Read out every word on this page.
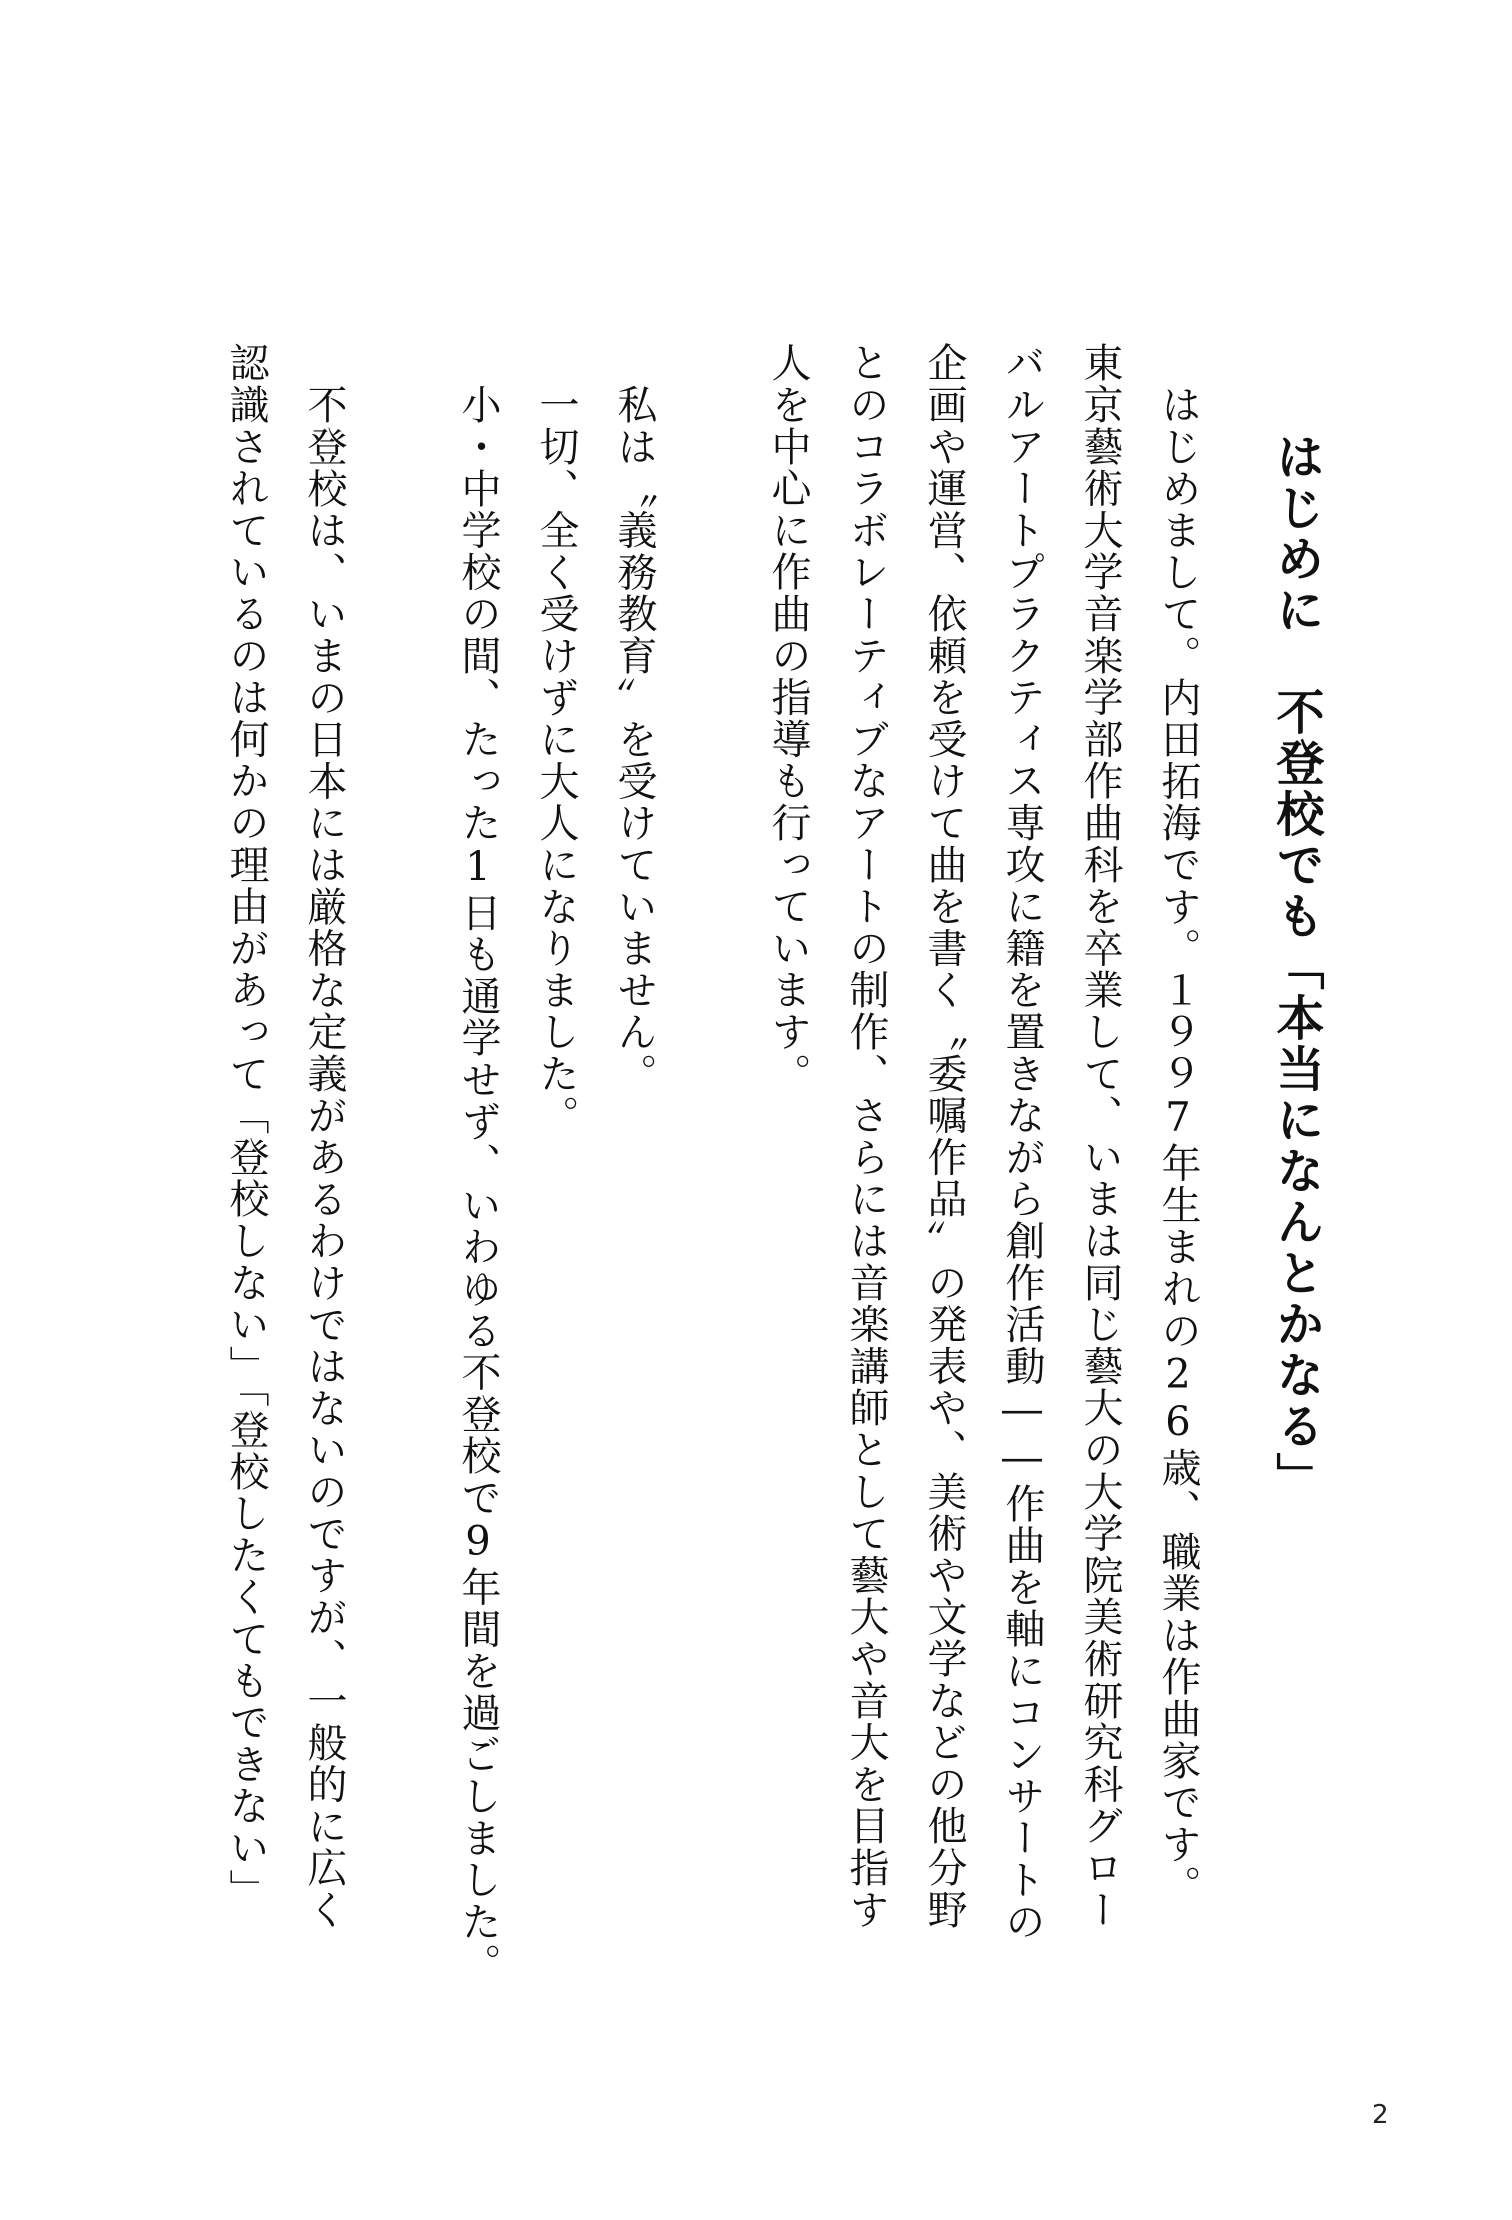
はじめに　不登校でも「本当になんとかなる」
はじめまして。内田拓海です。１９９7年生まれの26歳、職業は作曲家です。
東京藝術大学音楽学部作曲科を卒業して、いまは同じ藝大の大学院美術研究科グロー
バルアートプラクティス専攻に籍を置きながら創作活動――作曲を軸にコンサートの
企画や運営、依頼を受けて曲を書く〝委嘱作品〟の発表や、美術や文学などの他分野
とのコラボレーティブなアートの制作、さらには音楽講師として藝大や音大を目指す
人を中心に作曲の指導も行っています。
私は〝義務教育〟を受けていません。
一切、全く受けずに大人になりました。
小・中学校の間、たった1日も通学せず、いわゆる不登校で9年間を過ごしました。
不登校は、いまの日本には厳格な定義があるわけではないのですが、一般的に広く
認識されているのは何かの理由があって「登校しない」「登校したくてもできない」
2
